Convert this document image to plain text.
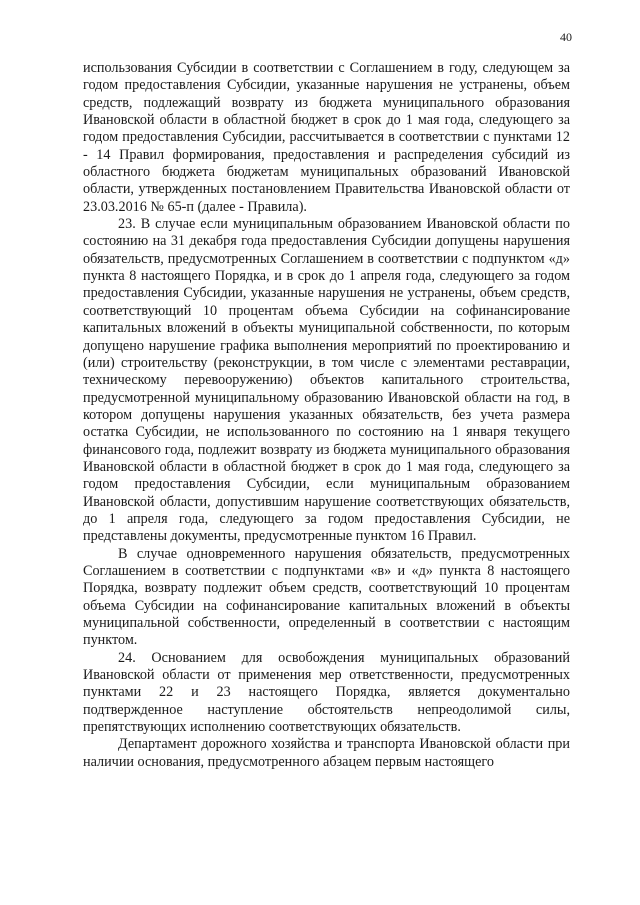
40

использования Субсидии в соответствии с Соглашением в году, следующем за годом предоставления Субсидии, указанные нарушения не устранены, объем средств, подлежащий возврату из бюджета муниципального образования Ивановской области в областной бюджет в срок до 1 мая года, следующего за годом предоставления Субсидии, рассчитывается в соответствии с пунктами 12 - 14 Правил формирования, предоставления и распределения субсидий из областного бюджета бюджетам муниципальных образований Ивановской области, утвержденных постановлением Правительства Ивановской области от 23.03.2016 № 65-п (далее - Правила).

23. В случае если муниципальным образованием Ивановской области по состоянию на 31 декабря года предоставления Субсидии допущены нарушения обязательств, предусмотренных Соглашением в соответствии с подпунктом «д» пункта 8 настоящего Порядка, и в срок до 1 апреля года, следующего за годом предоставления Субсидии, указанные нарушения не устранены, объем средств, соответствующий 10 процентам объема Субсидии на софинансирование капитальных вложений в объекты муниципальной собственности, по которым допущено нарушение графика выполнения мероприятий по проектированию и (или) строительству (реконструкции, в том числе с элементами реставрации, техническому перевооружению) объектов капитального строительства, предусмотренной муниципальному образованию Ивановской области на год, в котором допущены нарушения указанных обязательств, без учета размера остатка Субсидии, не использованного по состоянию на 1 января текущего финансового года, подлежит возврату из бюджета муниципального образования Ивановской области в областной бюджет в срок до 1 мая года, следующего за годом предоставления Субсидии, если муниципальным образованием Ивановской области, допустившим нарушение соответствующих обязательств, до 1 апреля года, следующего за годом предоставления Субсидии, не представлены документы, предусмотренные пунктом 16 Правил.

В случае одновременного нарушения обязательств, предусмотренных Соглашением в соответствии с подпунктами «в» и «д» пункта 8 настоящего Порядка, возврату подлежит объем средств, соответствующий 10 процентам объема Субсидии на софинансирование капитальных вложений в объекты муниципальной собственности, определенный в соответствии с настоящим пунктом.

24. Основанием для освобождения муниципальных образований Ивановской области от применения мер ответственности, предусмотренных пунктами 22 и 23 настоящего Порядка, является документально подтвержденное наступление обстоятельств непреодолимой силы, препятствующих исполнению соответствующих обязательств.

Департамент дорожного хозяйства и транспорта Ивановской области при наличии основания, предусмотренного абзацем первым настоящего
